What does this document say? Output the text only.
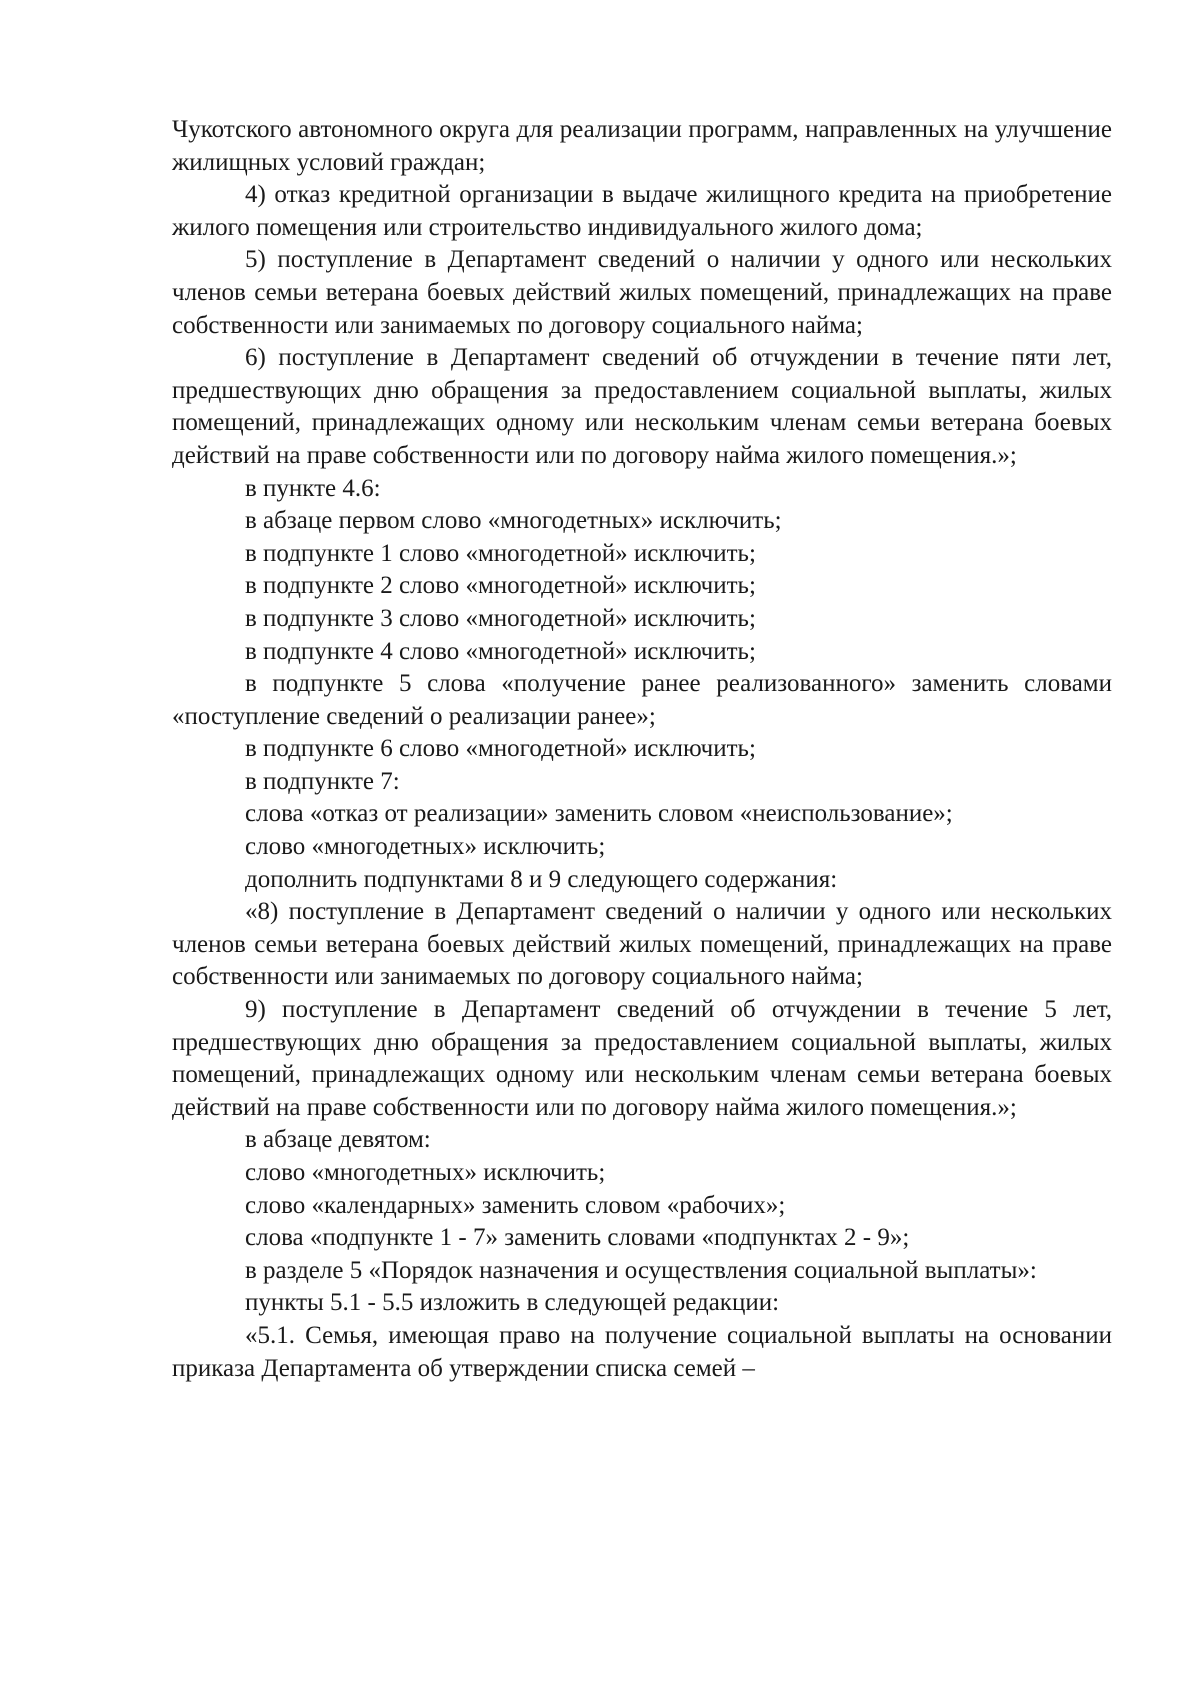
Чукотского автономного округа для реализации программ, направленных на улучшение жилищных условий граждан;

4) отказ кредитной организации в выдаче жилищного кредита на приобретение жилого помещения или строительство индивидуального жилого дома;

5) поступление в Департамент сведений о наличии у одного или нескольких членов семьи ветерана боевых действий жилых помещений, принадлежащих на праве собственности или занимаемых по договору социального найма;

6) поступление в Департамент сведений об отчуждении в течение пяти лет, предшествующих дню обращения за предоставлением социальной выплаты, жилых помещений, принадлежащих одному или нескольким членам семьи ветерана боевых действий на праве собственности или по договору найма жилого помещения.»;

в пункте 4.6:

в абзаце первом слово «многодетных» исключить;

в подпункте 1 слово «многодетной» исключить;

в подпункте 2 слово «многодетной» исключить;

в подпункте 3 слово «многодетной» исключить;

в подпункте 4 слово «многодетной» исключить;

в подпункте 5 слова «получение ранее реализованного» заменить словами «поступление сведений о реализации ранее»;

в подпункте 6 слово «многодетной» исключить;

в подпункте 7:

слова «отказ от реализации» заменить словом «неиспользование»;

слово «многодетных» исключить;

дополнить подпунктами 8 и 9 следующего содержания:

«8) поступление в Департамент сведений о наличии у одного или нескольких членов семьи ветерана боевых действий жилых помещений, принадлежащих на праве собственности или занимаемых по договору социального найма;

9) поступление в Департамент сведений об отчуждении в течение 5 лет, предшествующих дню обращения за предоставлением социальной выплаты, жилых помещений, принадлежащих одному или нескольким членам семьи ветерана боевых действий на праве собственности или по договору найма жилого помещения.»;

в абзаце девятом:

слово «многодетных» исключить;

слово «календарных» заменить словом «рабочих»;

слова «подпункте 1 - 7» заменить словами «подпунктах 2 - 9»;

в разделе 5 «Порядок назначения и осуществления социальной выплаты»:

пункты 5.1 - 5.5 изложить в следующей редакции:

«5.1. Семья, имеющая право на получение социальной выплаты на основании приказа Департамента об утверждении списка семей –
